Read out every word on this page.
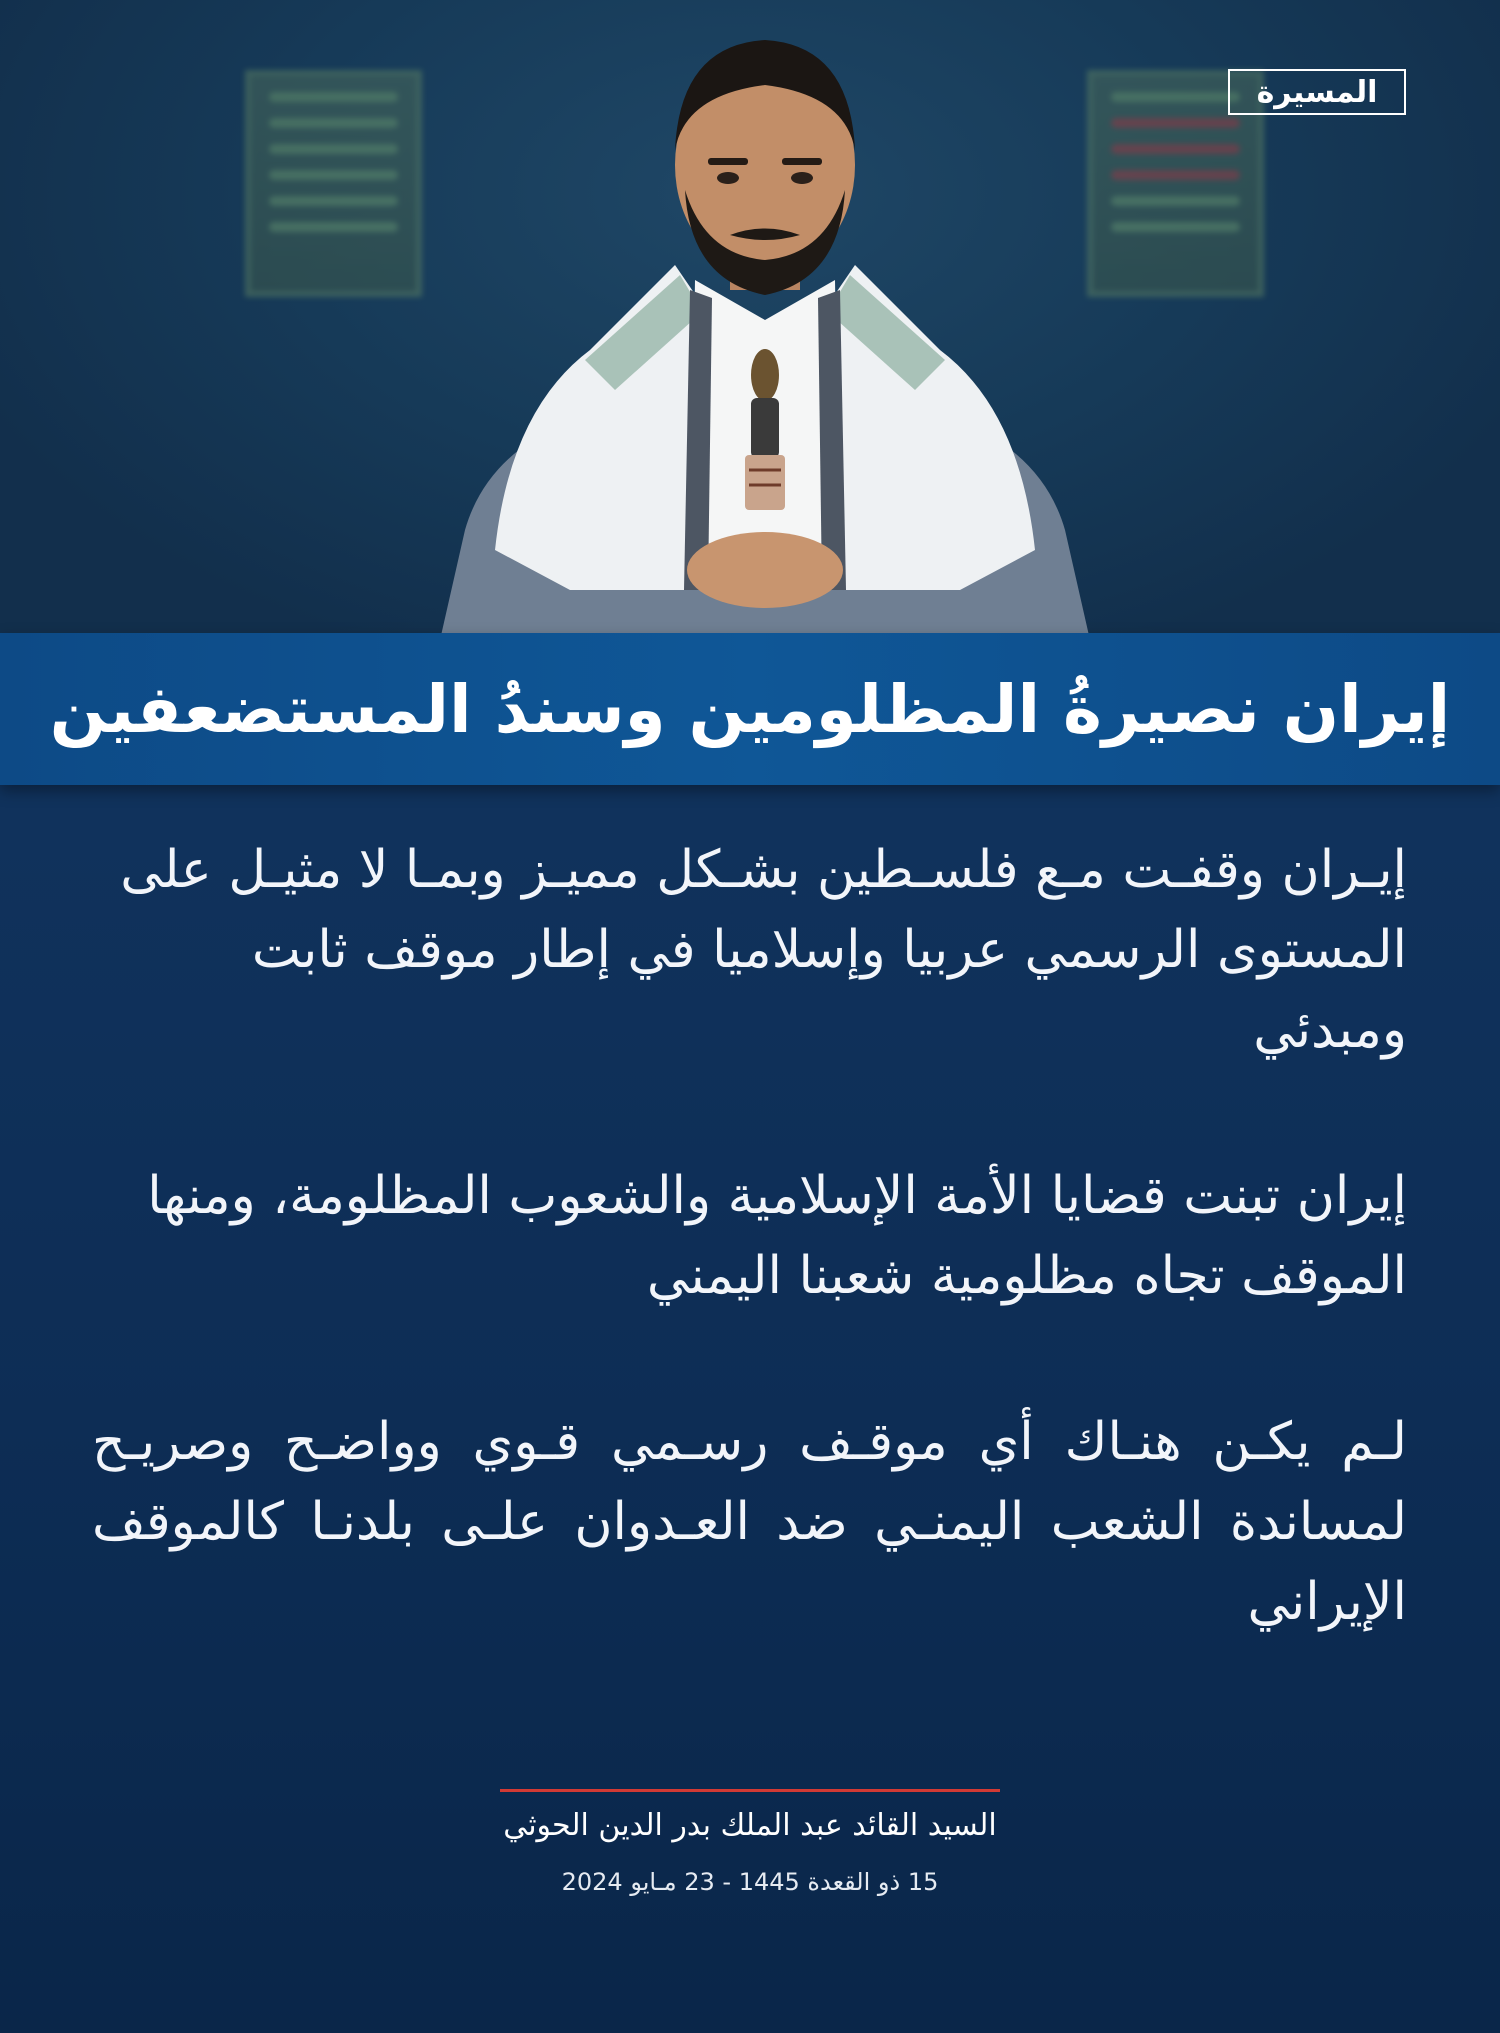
المسيرة
إيران نصيرةُ المظلومين وسندُ المستضعفين

إيـران وقفـت مـع فلسـطين بشـكل مميـز وبمـا لا مثيـل على المستوى الرسمي عربيا وإسلاميا في إطار موقف ثابت ومبدئي

إيران تبنت قضايا الأمة الإسلامية والشعوب المظلومة، ومنها الموقف تجاه مظلومية شعبنا اليمني

لـم يكـن هنـاك أي موقـف رسـمي قـوي وواضـح وصريـح لمساندة الشعب اليمنـي ضد العـدوان علـى بلدنـا كالموقف الإيراني

السيد القائد عبد الملك بدر الدين الحوثي
15 ذو القعدة 1445 - 23 مـايو 2024
